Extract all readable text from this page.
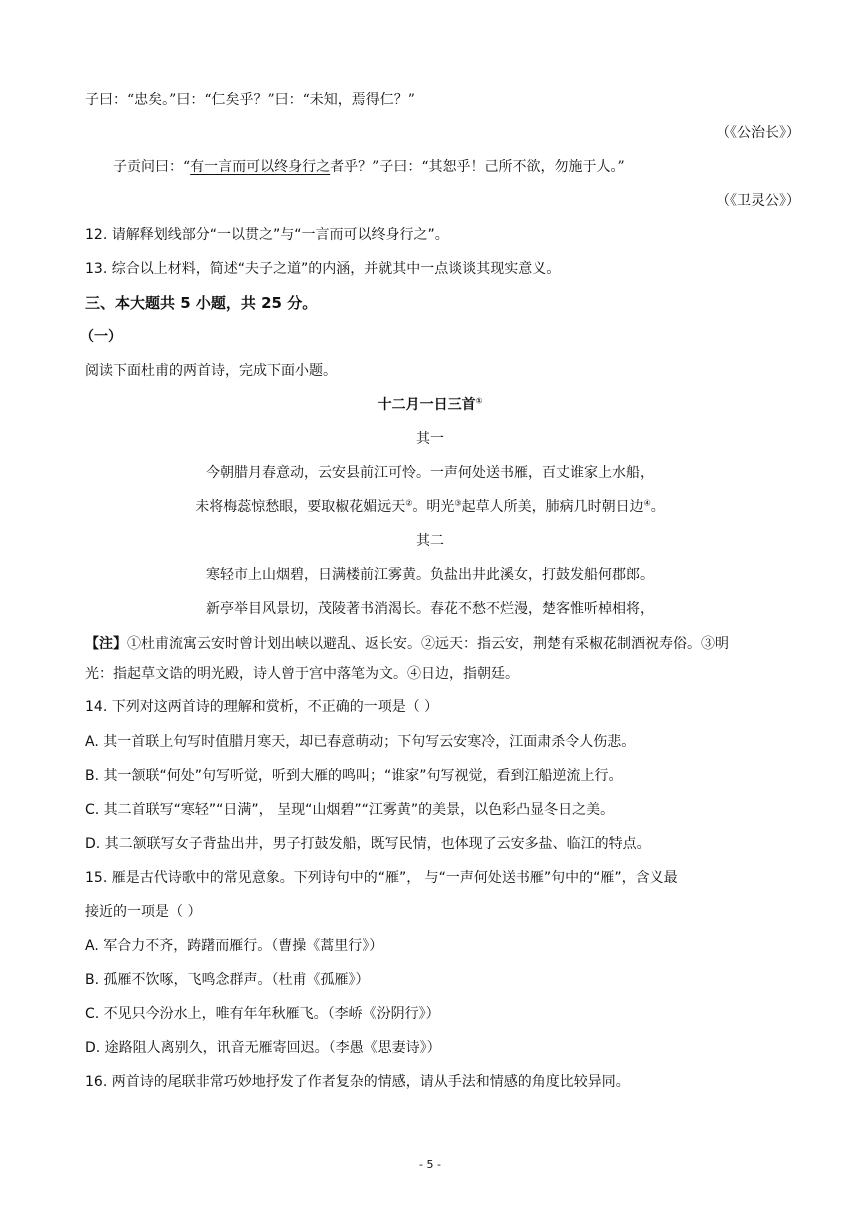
子曰：“忠矣。”曰：“仁矣乎？”曰：“未知，焉得仁？”
（《公治长》）
子贡问曰：“有一言而可以终身行之者乎？”子曰：“其恕乎！己所不欲，勿施于人。”
（《卫灵公》）
12. 请解释划线部分“一以贯之”与“一言而可以终身行之”。
13. 综合以上材料，简述“夫子之道”的内涵，并就其中一点谈谈其现实意义。
三、本大题共 5 小题，共 25 分。
（一）
阅读下面杜甫的两首诗，完成下面小题。
十二月一日三首①
其一
今朝腊月春意动，云安县前江可怜。一声何处送书雁，百丈谁家上水船，
未将梅蕊惊愁眼，要取椒花媚远天②。明光③起草人所美，肺病几时朝日边④。
其二
寒轻市上山烟碧，日满楼前江雾黄。负盐出井此溪女，打鼓发船何郡郎。
新亭举目风景切，茂陵著书消渴长。春花不愁不烂漫，楚客惟听棹相将，
【注】①杜甫流寓云安时曾计划出峡以避乱、返长安。②远天：指云安，荆楚有采椒花制酒祝寿俗。③明
光：指起草文诰的明光殿，诗人曾于宫中落笔为文。④日边，指朝廷。
14. 下列对这两首诗的理解和赏析，不正确的一项是（ ）
A. 其一首联上句写时值腊月寒天，却已春意萌动；下句写云安寒冷，江面肃杀令人伤悲。
B. 其一颔联“何处”句写听觉，听到大雁的鸣叫；“谁家”句写视觉，看到江船逆流上行。
C. 其二首联写“寒轻”“日满”， 呈现“山烟碧”“江雾黄”的美景，以色彩凸显冬日之美。
D. 其二颔联写女子背盐出井，男子打鼓发船，既写民情，也体现了云安多盐、临江的特点。
15. 雁是古代诗歌中的常见意象。下列诗句中的“雁”， 与“一声何处送书雁”句中的“雁”，含义最
接近的一项是（ ）
A. 军合力不齐，踌躇而雁行。（曹操《蒿里行》）
B. 孤雁不饮啄，飞鸣念群声。（杜甫《孤雁》）
C. 不见只今汾水上，唯有年年秋雁飞。（李峤《汾阴行》）
D. 途路阻人离别久，讯音无雁寄回迟。（李愚《思妻诗》）
16. 两首诗的尾联非常巧妙地抒发了作者复杂的情感，请从手法和情感的角度比较异同。
- 5 -
